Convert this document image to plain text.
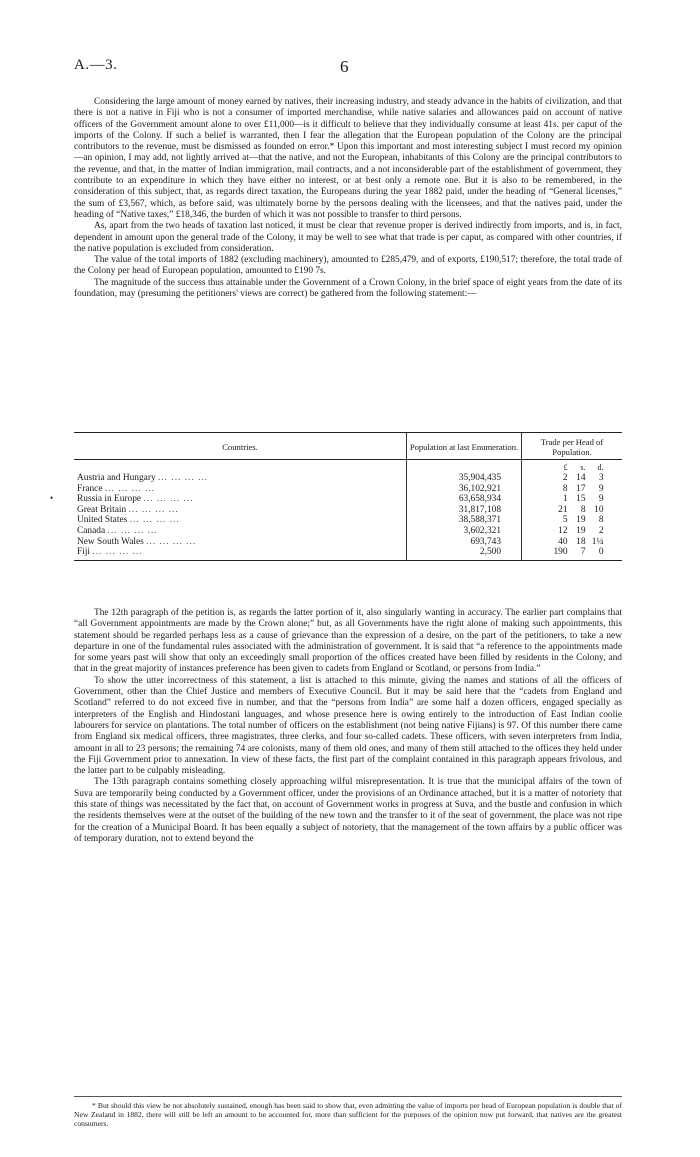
A.—3.	6

Considering the large amount of money earned by natives, their increasing industry, and steady advance in the habits of civilization, and that there is not a native in Fiji who is not a consumer of imported merchandise, while native salaries and allowances paid on account of native officers of the Government amount alone to over £11,000—is it difficult to believe that they individually consume at least 41s. per caput of the imports of the Colony. If such a belief is warranted, then I fear the allegation that the European population of the Colony are the principal contributors to the revenue, must be dismissed as founded on error.* Upon this important and most interesting subject I must record my opinion—an opinion, I may add, not lightly arrived at—that the native, and not the European, inhabitants of this Colony are the principal contributors to the revenue, and that, in the matter of Indian immigration, mail contracts, and a not inconsiderable part of the establishment of government, they contribute to an expenditure in which they have either no interest, or at best only a remote one. But it is also to be remembered, in the consideration of this subject, that, as regards direct taxation, the Europeans during the year 1882 paid, under the heading of “General licenses,” the sum of £3,567, which, as before said, was ultimately borne by the persons dealing with the licensees, and that the natives paid, under the heading of “Native taxes,” £18,346, the burden of which it was not possible to transfer to third persons.

As, apart from the two heads of taxation last noticed, it must be clear that revenue proper is derived indirectly from imports, and is, in fact, dependent in amount upon the general trade of the Colony, it may be well to see what that trade is per caput, as compared with other countries, if the native population is excluded from consideration.

The value of the total imports of 1882 (excluding machinery), amounted to £285,479, and of exports, £190,517; therefore, the total trade of the Colony per head of European population, amounted to £190 7s.

The magnitude of the success thus attainable under the Government of a Crown Colony, in the brief space of eight years from the date of its foundation, may (presuming the petitioners' views are correct) be gathered from the following statement:—

•
Countries.	Population at last Enumeration.	Trade per Head of Population.

		£ s. d.

Austria and Hungary ... ... ... ...	35,904,435	2 14 3

France ... ... ... ...	36,102,921	8 17 9

Russia in Europe ... ... ... ...	63,658,934	1 15 9

Great Britain ... ... ... ...	31,817,108	21 8 10

United States ... ... ... ...	38,588,371	5 19 8

Canada ... ... ... ...	3,602,321	12 19 2

New South Wales ... ... ... ...	693,743	40 18 1¼

Fiji ... ... ... ...	2,500	190 7 0

The 12th paragraph of the petition is, as regards the latter portion of it, also singularly wanting in accuracy. The earlier part complains that “all Government appointments are made by the Crown alone;” but, as all Governments have the right alone of making such appointments, this statement should be regarded perhaps less as a cause of grievance than the expression of a desire, on the part of the petitioners, to take a new departure in one of the fundamental rules associated with the administration of government. It is said that “a reference to the appointments made for some years past will show that only an exceedingly small proportion of the offices created have been filled by residents in the Colony, and that in the great majority of instances preference has been given to cadets from England or Scotland, or persons from India.”

To show the utter incorrectness of this statement, a list is attached to this minute, giving the names and stations of all the officers of Government, other than the Chief Justice and members of Executive Council. But it may be said here that the “cadets from England and Scotland” referred to do not exceed five in number, and that the “persons from India” are some half a dozen officers, engaged specially as interpreters of the English and Hindostani languages, and whose presence here is owing entirely to the introduction of East Indian coolie labourers for service on plantations. The total number of officers on the establishment (not being native Fijians) is 97. Of this number there came from England six medical officers, three magistrates, three clerks, and four so-called cadets. These officers, with seven interpreters from India, amount in all to 23 persons; the remaining 74 are colonists, many of them old ones, and many of them still attached to the offices they held under the Fiji Government prior to annexation. In view of these facts, the first part of the complaint contained in this paragraph appears frivolous, and the latter part to be culpably misleading.

The 13th paragraph contains something closely approaching wilful misrepresentation. It is true that the municipal affairs of the town of Suva are temporarily being conducted by a Government officer, under the provisions of an Ordinance attached, but it is a matter of notoriety that this state of things was necessitated by the fact that, on account of Government works in progress at Suva, and the bustle and confusion in which the residents themselves were at the outset of the building of the new town and the transfer to it of the seat of government, the place was not ripe for the creation of a Municipal Board. It has been equally a subject of notoriety, that the management of the town affairs by a public officer was of temporary duration, not to extend beyond the

* But should this view be not absolutely sustained, enough has been said to show that, even admitting the value of imports per head of European population is double that of New Zealand in 1882, there will still be left an amount to be accounted for, more than sufficient for the purposes of the opinion now put forward, that natives are the greatest consumers.
